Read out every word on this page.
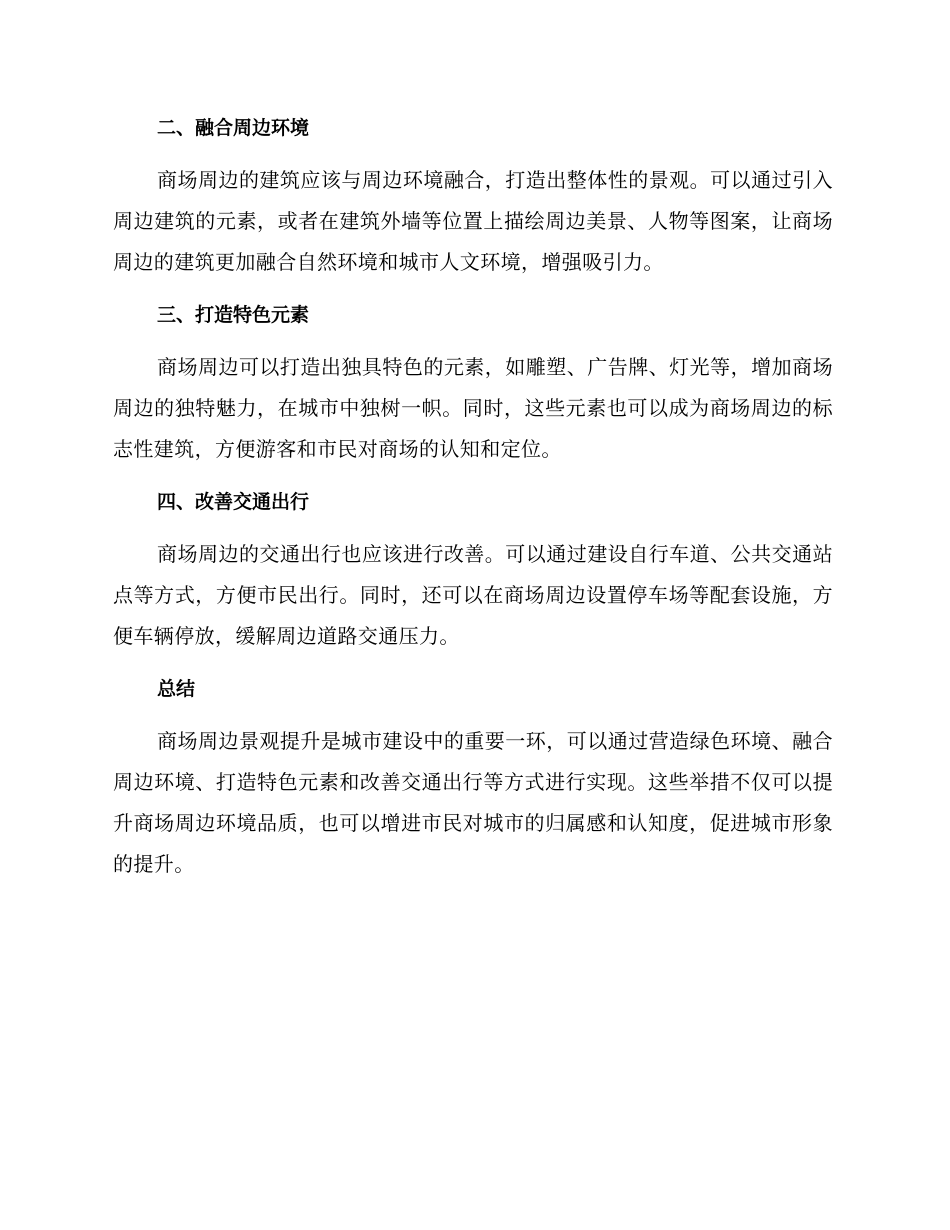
二、融合周边环境

商场周边的建筑应该与周边环境融合，打造出整体性的景观。可以通过引入周边建筑的元素，或者在建筑外墙等位置上描绘周边美景、人物等图案，让商场周边的建筑更加融合自然环境和城市人文环境，增强吸引力。

三、打造特色元素

商场周边可以打造出独具特色的元素，如雕塑、广告牌、灯光等，增加商场周边的独特魅力，在城市中独树一帜。同时，这些元素也可以成为商场周边的标志性建筑，方便游客和市民对商场的认知和定位。

四、改善交通出行

商场周边的交通出行也应该进行改善。可以通过建设自行车道、公共交通站点等方式，方便市民出行。同时，还可以在商场周边设置停车场等配套设施，方便车辆停放，缓解周边道路交通压力。

总结

商场周边景观提升是城市建设中的重要一环，可以通过营造绿色环境、融合周边环境、打造特色元素和改善交通出行等方式进行实现。这些举措不仅可以提升商场周边环境品质，也可以增进市民对城市的归属感和认知度，促进城市形象的提升。
